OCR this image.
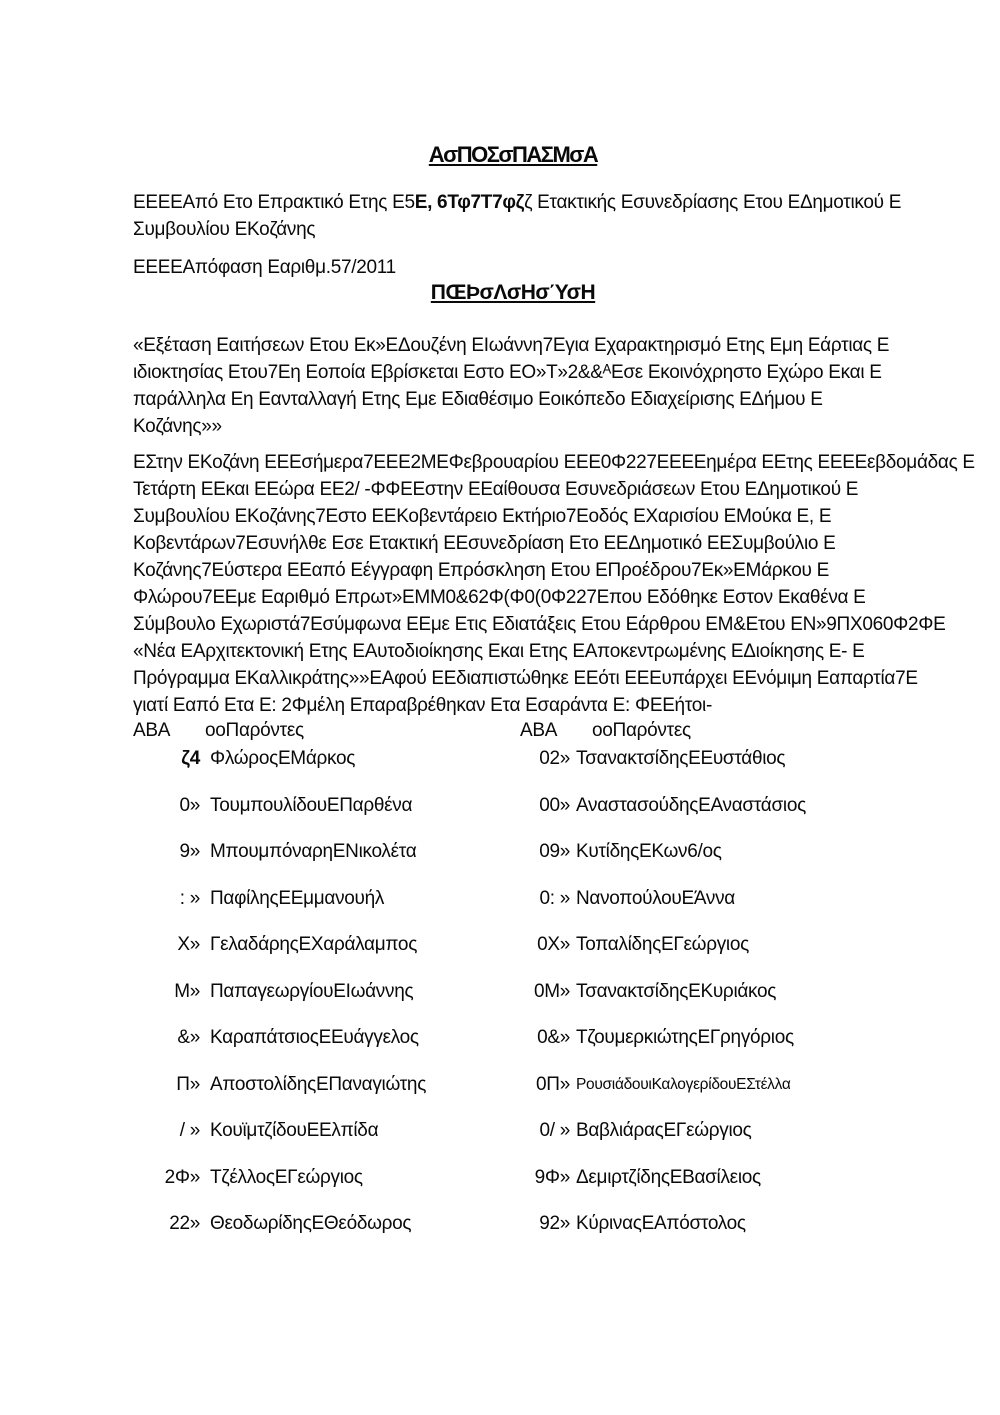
ΑσΠΟΣσΠΑΣΜσΑ
ΕΕΕΕΑπό Ετο Επρακτικό Ετης Ε5Ε, 6Τφ7Τ7φζζ Ετακτικής Εσυνεδρίασης Ετου ΕΔημοτικού Ε
Συμβουλίου ΕΚοζάνης
ΕΕΕΕΑπόφαση Εαριθμ.57/2011
ΠŒϷσΛσΗσΎσΗ
«Εξέταση Εαιτήσεων Ετου Εκ»ΕΔουζένη ΕΙωάννη7Εγια Εχαρακτηρισμό Ετης Εμη Εάρτιας Ε
ιδιοκτησίας Ετου7Εη Εοποία Εβρίσκεται Εστο ΕΟ»Τ»2&&ᴬΕσε Εκοινόχρηστο Εχώρο Εκαι Ε
παράλληλα Εη Εανταλλαγή Ετης Εμε Εδιαθέσιμο Εοικόπεδο Εδιαχείρισης ΕΔήμου Ε
Κοζάνης»»
ΕΣτην ΕΚοζάνη ΕΕΕσήμερα7ΕΕΕ2ΜΕΦεβρουαρίου ΕΕΕ0Φ227ΕΕΕΕημέρα ΕΕτης ΕΕΕΕεβδομάδας Ε
Τετάρτη ΕΕκαι ΕΕώρα ΕΕ2/ -ΦΦΕΕστην ΕΕαίθουσα Εσυνεδριάσεων Ετου ΕΔημοτικού Ε
Συμβουλίου ΕΚοζάνης7Εστο ΕΕΚοβεντάρειο Εκτήριο7Εοδός ΕΧαρισίου ΕΜούκα Ε, Ε
Κοβεντάρων7Εσυνήλθε Εσε Ετακτική ΕΕσυνεδρίαση Ετο ΕΕΔημοτικό ΕΕΣυμβούλιο Ε
Κοζάνης7Εύστερα ΕΕαπό Εέγγραφη Επρόσκληση Ετου ΕΠροέδρου7Εκ»ΕΜάρκου Ε
Φλώρου7ΕΕμε Εαριθμό Επρωτ»ΕΜΜ0&62Φ(Φ0(0Φ227Επου Εδόθηκε Εστον Εκαθένα Ε
Σύμβουλο Εχωριστά7Εσύμφωνα ΕΕμε Ετις Εδιατάξεις Ετου Εάρθρου ΕΜ&Ετου ΕΝ»9ΠΧ060Φ2ΦΕ
«Νέα ΕΑρχιτεκτονική Ετης ΕΑυτοδιοίκησης Εκαι Ετης ΕΑποκεντρωμένης ΕΔιοίκησης Ε- Ε
Πρόγραμμα ΕΚαλλικράτης»»ΕΑφού ΕΕδιαπιστώθηκε ΕΕότι ΕΕΕυπάρχει ΕΕνόμιμη Εαπαρτία7Ε
γιατί Εαπό Ετα Ε: 2Φμέλη Επαραβρέθηκαν Ετα Εσαράντα Ε: ΦΕΕήτοι-
ΑΒΑ	οοΠαρόντες
ζ4 ΦλώροςΕΜάρκος
0» ΤουμπουλίδουΕΠαρθένα
9» ΜπουμπόναρηΕΝικολέτα
: » ΠαφίληςΕΕμμανουήλ
Χ» ΓελαδάρηςΕΧαράλαμπος
Μ» ΠαπαγεωργίουΕΙωάννης
&» ΚαραπάτσιοςΕΕυάγγελος
Π» ΑποστολίδηςΕΠαναγιώτης
/ » ΚουϊμτζίδουΕΕλπίδα
2Φ» ΤζέλλοςΕΓεώργιος
22» ΘεοδωρίδηςΕΘεόδωρος
ΑΒΑ	οοΠαρόντες
02» ΤσανακτσίδηςΕΕυστάθιος
00» ΑναστασούδηςΕΑναστάσιος
09» ΚυτίδηςΕΚων6/ος
0: » ΝανοπούλουΕΆννα
0Χ» ΤοπαλίδηςΕΓεώργιος
0Μ» ΤσανακτσίδηςΕΚυριάκος
0&» ΤζουμερκιώτηςΕΓρηγόριος
0Π» ΡουσιάδουιΚαλογερίδουΕΣτέλλα
0/ » ΒαβλιάραςΕΓεώργιος
9Φ» ΔεμιρτζίδηςΕΒασίλειος
92» ΚύριναςΕΑπόστολος
